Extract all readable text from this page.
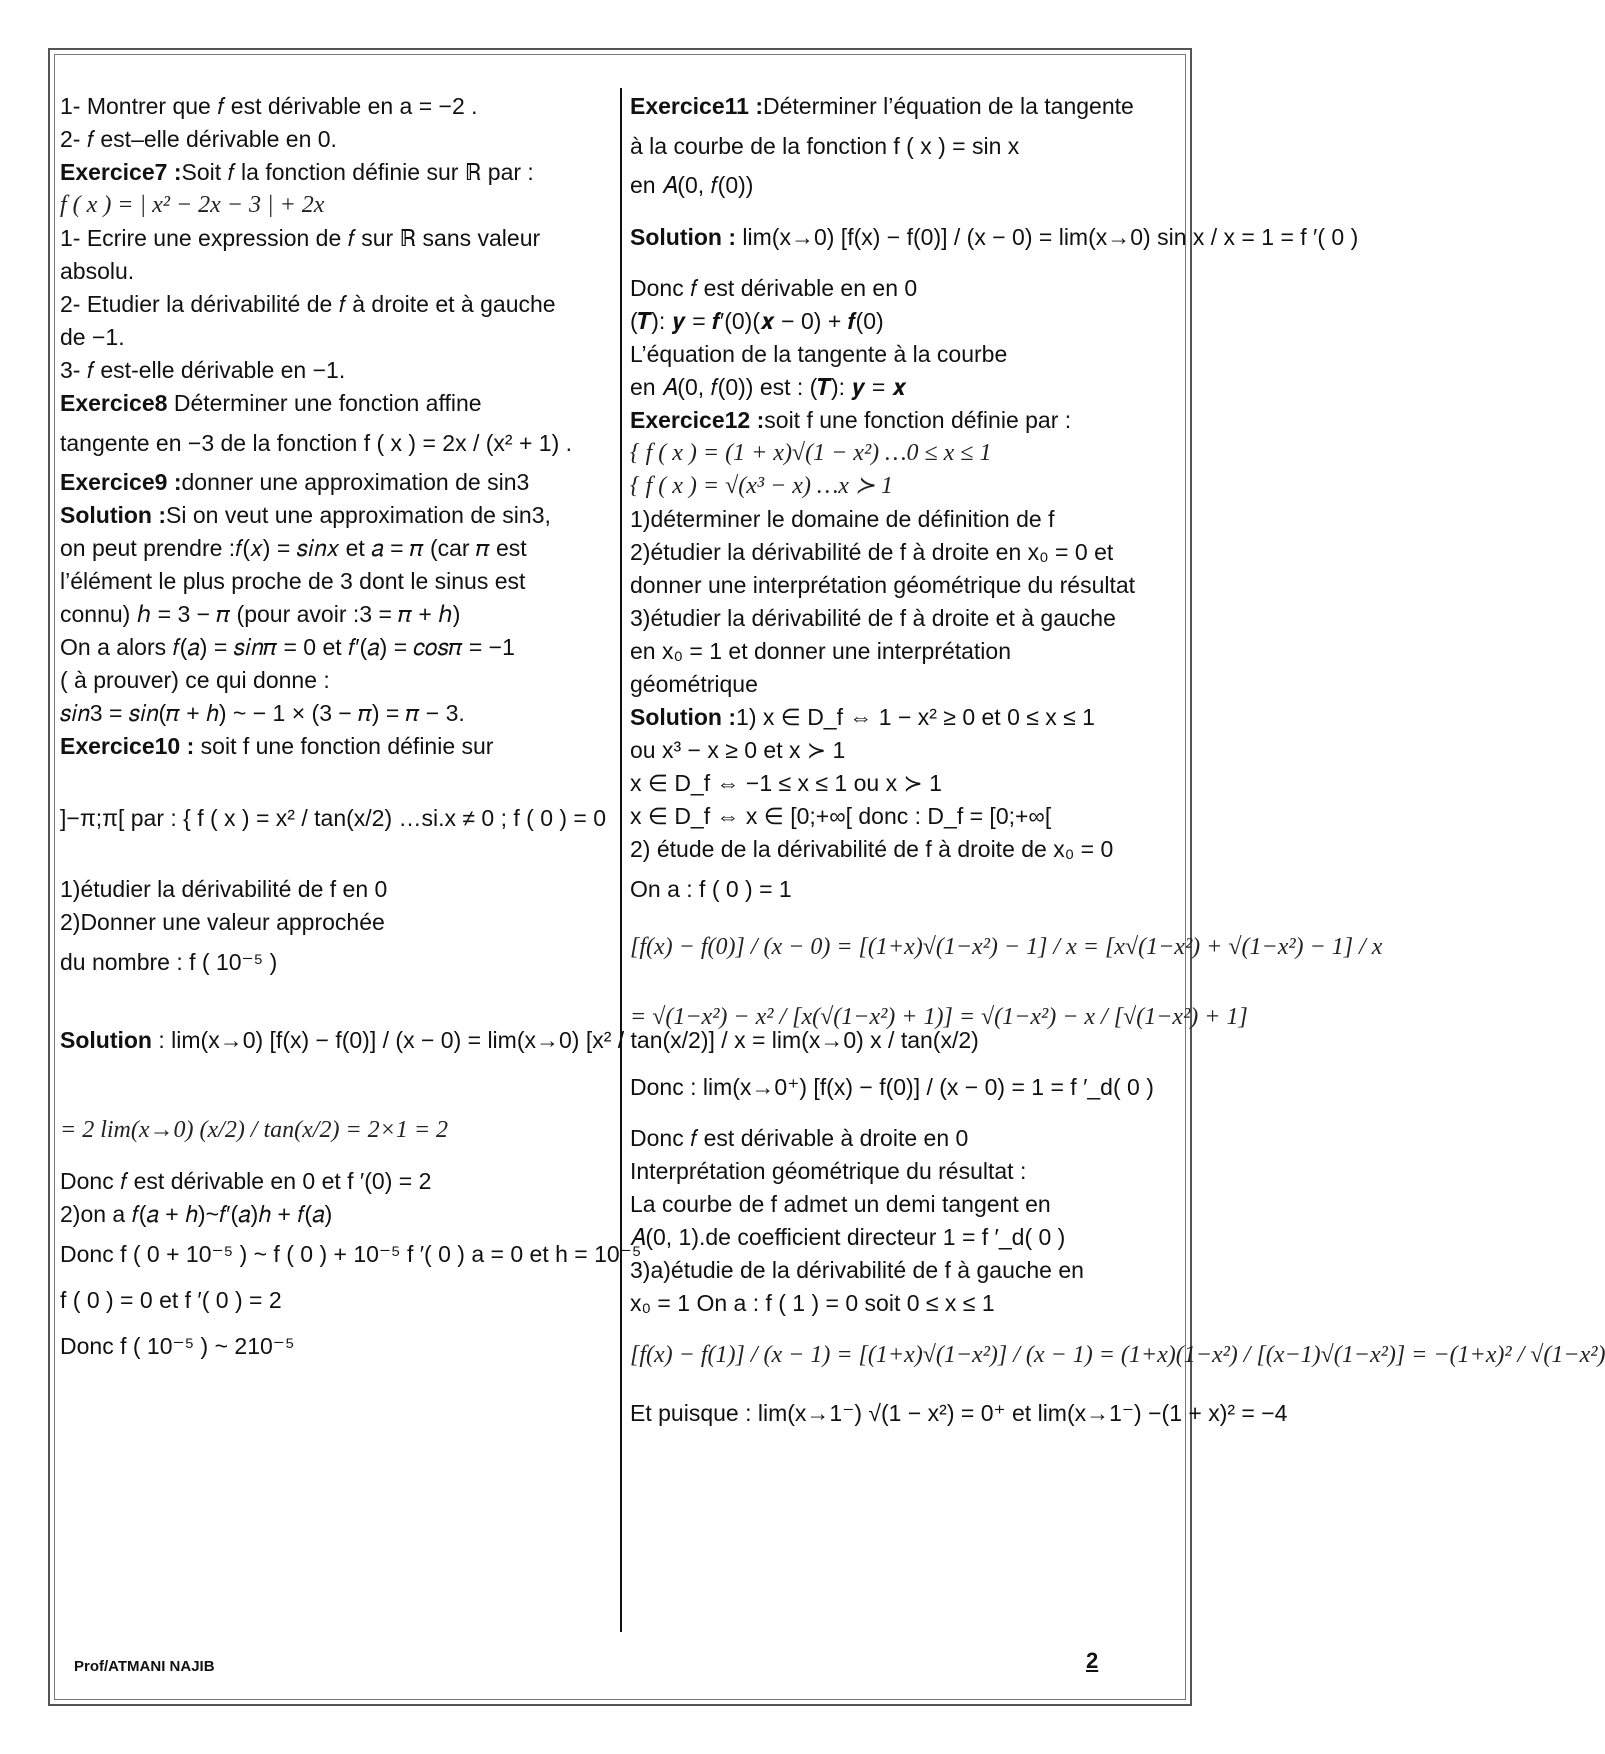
1- Montrer que 𝑓 est dérivable en a = −2 .
2- 𝑓 est–elle dérivable en 0.
Exercice7 :Soit 𝑓 la fonction définie sur ℝ par :
f ( x ) = | x² − 2x − 3 | + 2x
1- Ecrire une expression de 𝑓 sur ℝ sans valeur
absolu.
2- Etudier la dérivabilité de 𝑓 à droite et à gauche
de −1.
3- 𝑓 est-elle dérivable en −1.
Exercice8 Déterminer une fonction affine
tangente en −3 de la fonction f ( x ) = 2x / (x² + 1) .
Exercice9 :donner une approximation de sin3
Solution :Si on veut une approximation de sin3,
on peut prendre :𝑓(𝑥) = 𝑠𝑖𝑛𝑥 et 𝑎 = 𝜋 (car 𝜋 est
l’élément le plus proche de 3 dont le sinus est
connu) ℎ = 3 − 𝜋 (pour avoir :3 = 𝜋 + ℎ)
On a alors 𝑓(𝑎) = 𝑠𝑖𝑛𝜋 = 0 et 𝑓′(𝑎) = 𝑐𝑜𝑠𝜋 = −1
( à prouver) ce qui donne :
𝑠𝑖𝑛3 = 𝑠𝑖𝑛(𝜋 + ℎ) ~ − 1 × (3 − 𝜋) = 𝜋 − 3.
Exercice10 : soit f une fonction définie sur
]−π;π[ par : { f ( x ) = x² / tan(x/2) …si.x ≠ 0 ; f ( 0 ) = 0
1)étudier la dérivabilité de f en 0
2)Donner une valeur approchée
du nombre : f ( 10⁻⁵ )
Solution : lim(x→0) [f(x) − f(0)] / (x − 0) = lim(x→0) [x² / tan(x/2)] / x = lim(x→0) x / tan(x/2)
= 2 lim(x→0) (x/2) / tan(x/2) = 2×1 = 2
Donc 𝑓 est dérivable en 0 et f ′(0) = 2
2)on a 𝑓(𝑎 + ℎ)~𝑓′(𝑎)ℎ + 𝑓(𝑎)
Donc f ( 0 + 10⁻⁵ ) ~ f ( 0 ) + 10⁻⁵ f ′( 0 ) a = 0 et h = 10⁻⁵
f ( 0 ) = 0 et f ′( 0 ) = 2
Donc f ( 10⁻⁵ ) ~ 210⁻⁵
Exercice11 :Déterminer l’équation de la tangente
à la courbe de la fonction f ( x ) = sin x
en 𝐴(0, 𝑓(0))
Solution : lim(x→0) [f(x) − f(0)] / (x − 0) = lim(x→0) sin x / x = 1 = f ′( 0 )
Donc 𝑓 est dérivable en en 0
(𝑻): 𝒚 = 𝒇′(0)(𝒙 − 0) + 𝒇(0)
L’équation de la tangente à la courbe
en 𝐴(0, 𝑓(0)) est : (𝑻): 𝒚 = 𝒙
Exercice12 :soit f une fonction définie par :
{ f ( x ) = (1 + x)√(1 − x²) …0 ≤ x ≤ 1
{ f ( x ) = √(x³ − x) …x ≻ 1
1)déterminer le domaine de définition de f
2)étudier la dérivabilité de f à droite en x₀ = 0 et
donner une interprétation géométrique du résultat
3)étudier la dérivabilité de f à droite et à gauche
en x₀ = 1 et donner une interprétation
géométrique
Solution :1) x ∈ D_f ⇔ 1 − x² ≥ 0 et 0 ≤ x ≤ 1
ou x³ − x ≥ 0 et x ≻ 1
x ∈ D_f ⇔ −1 ≤ x ≤ 1 ou x ≻ 1
x ∈ D_f ⇔ x ∈ [0;+∞[ donc : D_f = [0;+∞[
2) étude de la dérivabilité de f à droite de x₀ = 0
On a : f ( 0 ) = 1
[f(x) − f(0)] / (x − 0) = [(1+x)√(1−x²) − 1] / x = [x√(1−x²) + √(1−x²) − 1] / x
= √(1−x²) − x² / [x(√(1−x²) + 1)] = √(1−x²) − x / [√(1−x²) + 1]
Donc : lim(x→0⁺) [f(x) − f(0)] / (x − 0) = 1 = f ′_d( 0 )
Donc 𝑓 est dérivable à droite en 0
Interprétation géométrique du résultat :
La courbe de f admet un demi tangent en
𝐴(0, 1).de coefficient directeur 1 = f ′_d( 0 )
3)a)étudie de la dérivabilité de f à gauche en
x₀ = 1 On a : f ( 1 ) = 0 soit 0 ≤ x ≤ 1
[f(x) − f(1)] / (x − 1) = [(1+x)√(1−x²)] / (x − 1) = (1+x)(1−x²) / [(x−1)√(1−x²)] = −(1+x)² / √(1−x²)
Et puisque : lim(x→1⁻) √(1 − x²) = 0⁺ et lim(x→1⁻) −(1 + x)² = −4
Prof/ATMANI NAJIB	2
